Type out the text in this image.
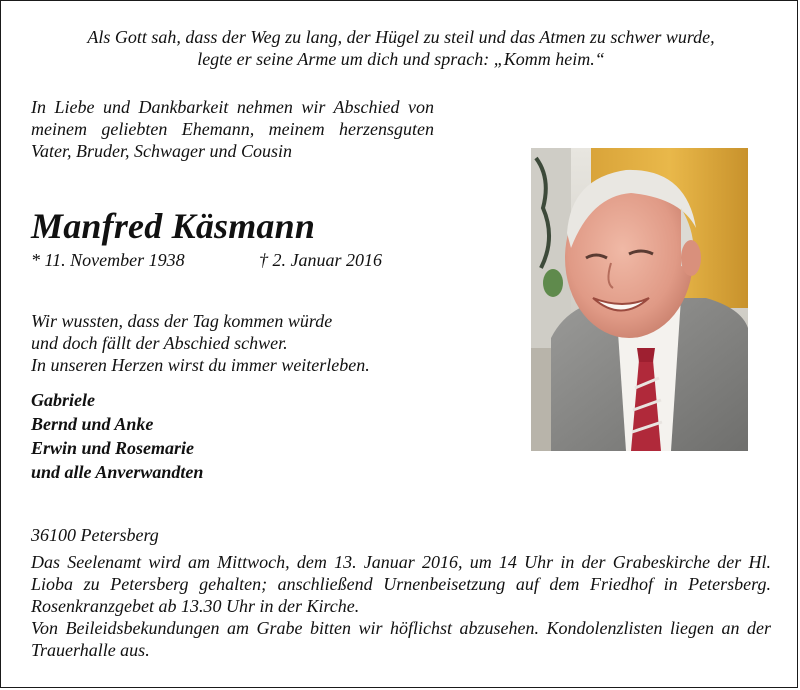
Als Gott sah, dass der Weg zu lang, der Hügel zu steil und das Atmen zu schwer wurde,
legte er seine Arme um dich und sprach: „Komm heim.“

In Liebe und Dankbarkeit nehmen wir Abschied von meinem geliebten Ehemann, meinem herzensguten Vater, Bruder, Schwager und Cousin

Manfred Käsmann
* 11. November 1938	† 2. Januar 2016
Wir wussten, dass der Tag kommen würde
und doch fällt der Abschied schwer.
In unseren Herzen wirst du immer weiterleben.
Gabriele
Bernd und Anke
Erwin und Rosemarie
und alle Anverwandten
36100 Petersberg

Das Seelenamt wird am Mittwoch, dem 13. Januar 2016, um 14 Uhr in der Grabeskirche der Hl. Lioba zu Petersberg gehalten; anschließend Urnenbeisetzung auf dem Friedhof in Petersberg. Rosenkranzgebet ab 13.30 Uhr in der Kirche.

Von Beileidsbekundungen am Grabe bitten wir höflichst abzusehen. Kondolenzlisten liegen an der Trauerhalle aus.
